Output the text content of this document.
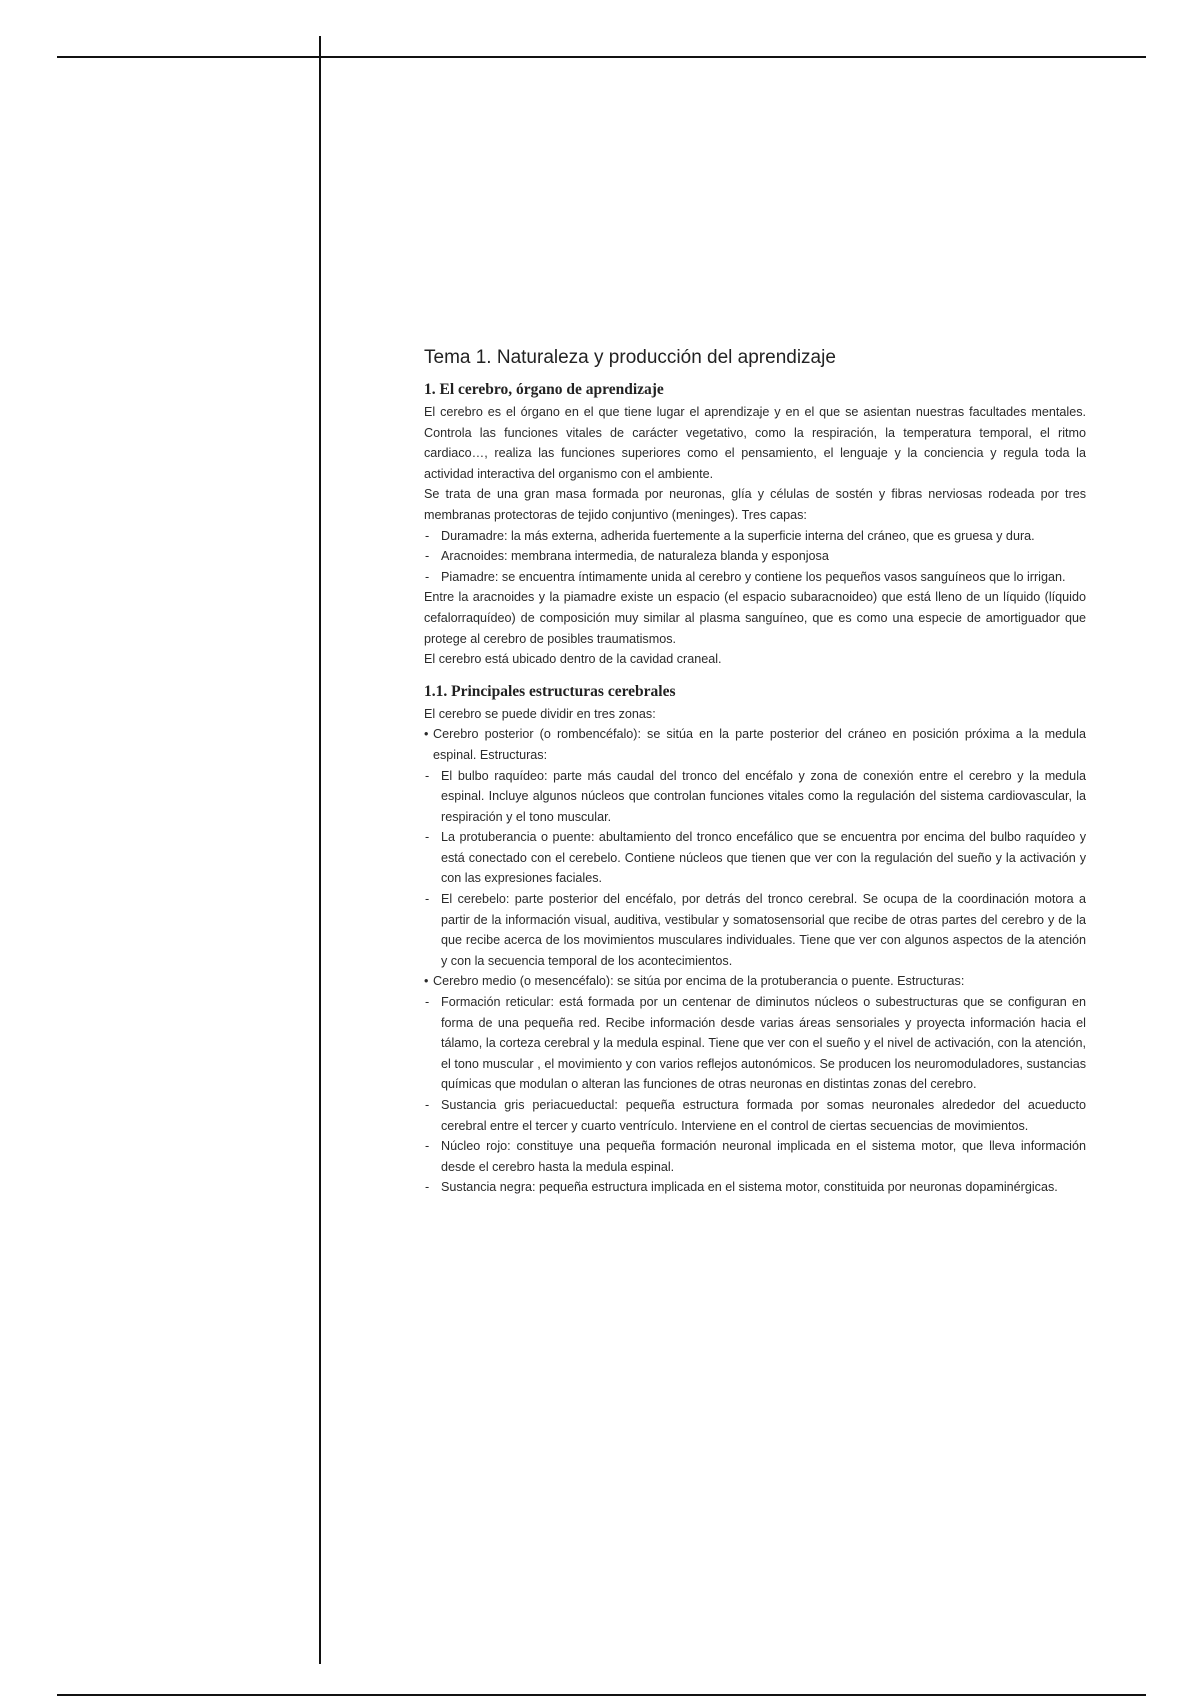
Tema 1. Naturaleza y producción del aprendizaje
1. El cerebro, órgano de aprendizaje

El cerebro es el órgano en el que tiene lugar el aprendizaje y en el que se asientan nuestras facultades mentales. Controla las funciones vitales de carácter vegetativo, como la respiración, la temperatura temporal, el ritmo cardiaco…, realiza las funciones superiores como el pensamiento, el lenguaje y la conciencia y regula toda la actividad interactiva del organismo con el ambiente.

Se trata de una gran masa formada por neuronas, glía y células de sostén y fibras nerviosas rodeada por tres membranas protectoras de tejido conjuntivo (meninges). Tres capas:

- Duramadre: la más externa, adherida fuertemente a la superficie interna del cráneo, que es gruesa y dura.
- Aracnoides: membrana intermedia, de naturaleza blanda y esponjosa
- Piamadre: se encuentra íntimamente unida al cerebro y contiene los pequeños vasos sanguíneos que lo irrigan.

Entre la aracnoides y la piamadre existe un espacio (el espacio subaracnoideo) que está lleno de un líquido (líquido cefalorraquídeo) de composición muy similar al plasma sanguíneo, que es como una especie de amortiguador que protege al cerebro de posibles traumatismos.

El cerebro está ubicado dentro de la cavidad craneal.

1.1. Principales estructuras cerebrales

El cerebro se puede dividir en tres zonas:

• Cerebro posterior (o rombencéfalo): se sitúa en la parte posterior del cráneo en posición próxima a la medula espinal. Estructuras:
- El bulbo raquídeo: parte más caudal del tronco del encéfalo y zona de conexión entre el cerebro y la medula espinal. Incluye algunos núcleos que controlan funciones vitales como la regulación del sistema cardiovascular, la respiración y el tono muscular.
- La protuberancia o puente: abultamiento del tronco encefálico que se encuentra por encima del bulbo raquídeo y está conectado con el cerebelo. Contiene núcleos que tienen que ver con la regulación del sueño y la activación y con las expresiones faciales.
- El cerebelo: parte posterior del encéfalo, por detrás del tronco cerebral. Se ocupa de la coordinación motora a partir de la información visual, auditiva, vestibular y somatosensorial que recibe de otras partes del cerebro y de la que recibe acerca de los movimientos musculares individuales. Tiene que ver con algunos aspectos de la atención y con la secuencia temporal de los acontecimientos.
• Cerebro medio (o mesencéfalo): se sitúa por encima de la protuberancia o puente. Estructuras:
- Formación reticular: está formada por un centenar de diminutos núcleos o subestructuras que se configuran en forma de una pequeña red. Recibe información desde varias áreas sensoriales y proyecta información hacia el tálamo, la corteza cerebral y la medula espinal. Tiene que ver con el sueño y el nivel de activación, con la atención, el tono muscular , el movimiento y con varios reflejos autonómicos. Se producen los neuromoduladores, sustancias químicas que modulan o alteran las funciones de otras neuronas en distintas zonas del cerebro.
- Sustancia gris periacueductal: pequeña estructura formada por somas neuronales alrededor del acueducto cerebral entre el tercer y cuarto ventrículo. Interviene en el control de ciertas secuencias de movimientos.
- Núcleo rojo: constituye una pequeña formación neuronal implicada en el sistema motor, que lleva información desde el cerebro hasta la medula espinal.
- Sustancia negra: pequeña estructura implicada en el sistema motor, constituida por neuronas dopaminérgicas.
